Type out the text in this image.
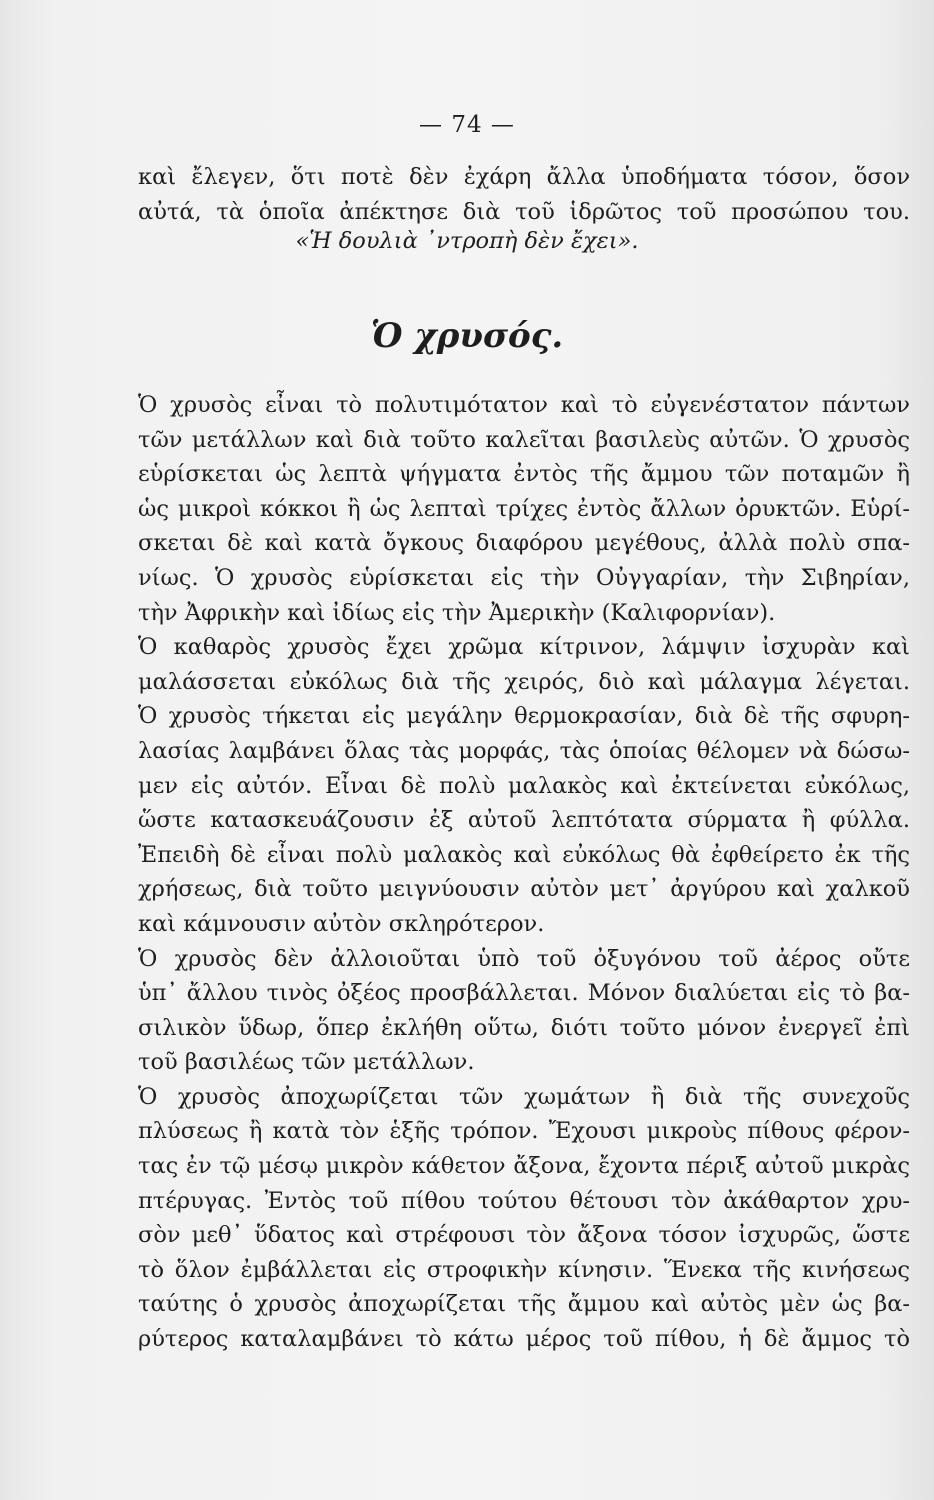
— 74 —
καὶ ἔλεγεν, ὅτι ποτὲ δὲν ἐχάρη ἄλλα ὑποδήματα τόσον, ὅσον
αὐτά, τὰ ὁποῖα ἀπέκτησε διὰ τοῦ ἱδρῶτος τοῦ προσώπου του.
«Ἡ δουλιὰ ᾽ντροπὴ δὲν ἔχει».
Ὁ χρυσός.
Ὁ χρυσὸς εἶναι τὸ πολυτιμότατον καὶ τὸ εὐγενέστατον πάντων
τῶν μετάλλων καὶ διὰ τοῦτο καλεῖται βασιλεὺς αὐτῶν. Ὁ χρυσὸς
εὑρίσκεται ὡς λεπτὰ ψήγματα ἐντὸς τῆς ἄμμου τῶν ποταμῶν ἢ
ὡς μικροὶ κόκκοι ἢ ὡς λεπταὶ τρίχες ἐντὸς ἄλλων ὀρυκτῶν. Εὑρί-
σκεται δὲ καὶ κατὰ ὄγκους διαφόρου μεγέθους, ἀλλὰ πολὺ σπα-
νίως. Ὁ χρυσὸς εὑρίσκεται εἰς τὴν Οὐγγαρίαν, τὴν Σιβηρίαν,
τὴν Ἀφρικὴν καὶ ἰδίως εἰς τὴν Ἀμερικὴν (Καλιφορνίαν).
Ὁ καθαρὸς χρυσὸς ἔχει χρῶμα κίτρινον, λάμψιν ἰσχυρὰν καὶ
μαλάσσεται εὐκόλως διὰ τῆς χειρός, διὸ καὶ μάλαγμα λέγεται.
Ὁ χρυσὸς τήκεται εἰς μεγάλην θερμοκρασίαν, διὰ δὲ τῆς σφυρη-
λασίας λαμβάνει ὅλας τὰς μορφάς, τὰς ὁποίας θέλομεν νὰ δώσω-
μεν εἰς αὐτόν. Εἶναι δὲ πολὺ μαλακὸς καὶ ἐκτείνεται εὐκόλως,
ὥστε κατασκευάζουσιν ἐξ αὐτοῦ λεπτότατα σύρματα ἢ φύλλα.
Ἐπειδὴ δὲ εἶναι πολὺ μαλακὸς καὶ εὐκόλως θὰ ἐφθείρετο ἐκ τῆς
χρήσεως, διὰ τοῦτο μειγνύουσιν αὐτὸν μετ᾽ ἀργύρου καὶ χαλκοῦ
καὶ κάμνουσιν αὐτὸν σκληρότερον.
Ὁ χρυσὸς δὲν ἀλλοιοῦται ὑπὸ τοῦ ὀξυγόνου τοῦ ἀέρος οὔτε
ὑπ᾽ ἄλλου τινὸς ὀξέος προσβάλλεται. Μόνον διαλύεται εἰς τὸ βα-
σιλικὸν ὕδωρ, ὅπερ ἐκλήθη οὕτω, διότι τοῦτο μόνον ἐνεργεῖ ἐπὶ
τοῦ βασιλέως τῶν μετάλλων.
Ὁ χρυσὸς ἀποχωρίζεται τῶν χωμάτων ἢ διὰ τῆς συνεχοῦς
πλύσεως ἢ κατὰ τὸν ἑξῆς τρόπον. Ἔχουσι μικροὺς πίθους φέρον-
τας ἐν τῷ μέσῳ μικρὸν κάθετον ἄξονα, ἔχοντα πέριξ αὐτοῦ μικρὰς
πτέρυγας. Ἐντὸς τοῦ πίθου τούτου θέτουσι τὸν ἀκάθαρτον χρυ-
σὸν μεθ᾽ ὕδατος καὶ στρέφουσι τὸν ἄξονα τόσον ἰσχυρῶς, ὥστε
τὸ ὅλον ἐμβάλλεται εἰς στροφικὴν κίνησιν. Ἕνεκα τῆς κινήσεως
ταύτης ὁ χρυσὸς ἀποχωρίζεται τῆς ἄμμου καὶ αὐτὸς μὲν ὡς βα-
ρύτερος καταλαμβάνει τὸ κάτω μέρος τοῦ πίθου, ἡ δὲ ἄμμος τὸ
